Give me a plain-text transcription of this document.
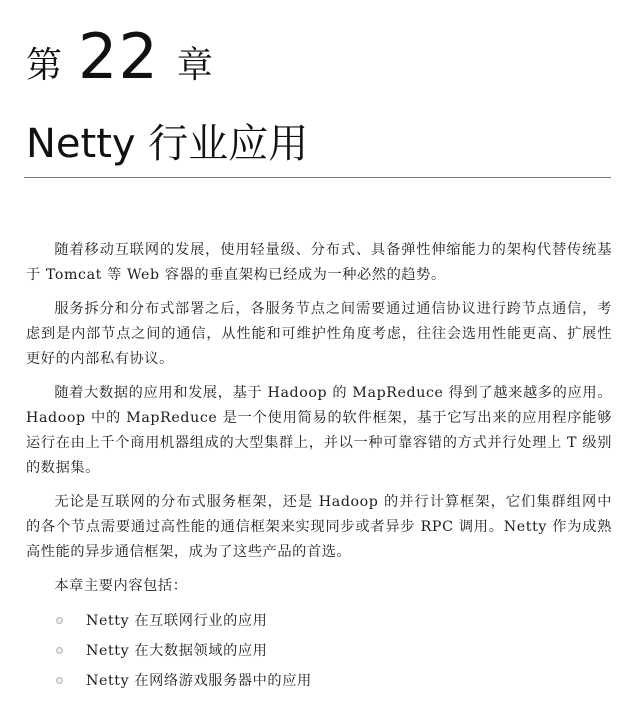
第 22 章
Netty 行业应用

随着移动互联网的发展，使用轻量级、分布式、具备弹性伸缩能力的架构代替传统基于 Tomcat 等 Web 容器的垂直架构已经成为一种必然的趋势。

服务拆分和分布式部署之后，各服务节点之间需要通过通信协议进行跨节点通信，考虑到是内部节点之间的通信，从性能和可维护性角度考虑，往往会选用性能更高、扩展性更好的内部私有协议。

随着大数据的应用和发展，基于 Hadoop 的 MapReduce 得到了越来越多的应用。Hadoop 中的 MapReduce 是一个使用简易的软件框架，基于它写出来的应用程序能够运行在由上千个商用机器组成的大型集群上，并以一种可靠容错的方式并行处理上 T 级别的数据集。

无论是互联网的分布式服务框架，还是 Hadoop 的并行计算框架，它们集群组网中的各个节点需要通过高性能的通信框架来实现同步或者异步 RPC 调用。Netty 作为成熟高性能的异步通信框架，成为了这些产品的首选。

本章主要内容包括：

Netty 在互联网行业的应用
Netty 在大数据领域的应用
Netty 在网络游戏服务器中的应用
